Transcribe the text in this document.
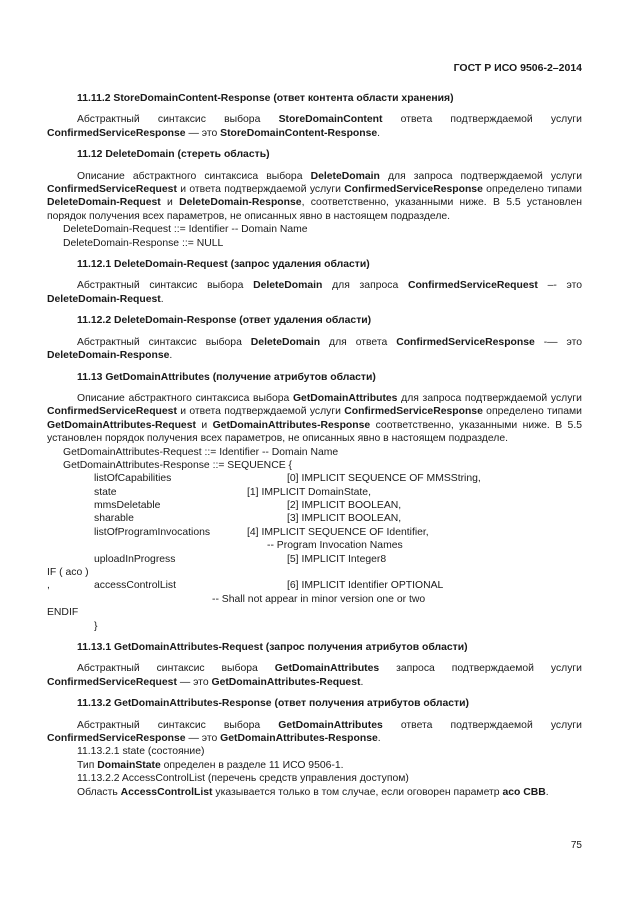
ГОСТ Р ИСО 9506-2–2014

11.11.2 StoreDomainContent-Response (ответ контента области хранения)

Абстрактный синтаксис выбора StoreDomainContent ответа подтверждаемой услуги ConfirmedServiceResponse — это StoreDomainContent-Response.

11.12 DeleteDomain (стереть область)

Описание абстрактного синтаксиса выбора DeleteDomain для запроса подтверждаемой услуги ConfirmedServiceRequest и ответа подтверждаемой услуги ConfirmedServiceResponse определено типами DeleteDomain-Request и DeleteDomain-Response, соответственно, указанными ниже. В 5.5 установлен порядок получения всех параметров, не описанных явно в настоящем подразделе.

DeleteDomain-Request ::= Identifier -- Domain Name

DeleteDomain-Response ::= NULL

11.12.1 DeleteDomain-Request (запрос удаления области)

Абстрактный синтаксис выбора DeleteDomain для запроса ConfirmedServiceRequest –- это DeleteDomain-Request.

11.12.2 DeleteDomain-Response (ответ удаления области)

Абстрактный синтаксис выбора DeleteDomain для ответа ConfirmedServiceResponse -— это DeleteDomain-Response.

11.13 GetDomainAttributes (получение атрибутов области)

Описание абстрактного синтаксиса выбора GetDomainAttributes для запроса подтверждаемой услуги ConfirmedServiceRequest и ответа подтверждаемой услуги ConfirmedServiceResponse определено типами GetDomainAttributes-Request и GetDomainAttributes-Response соответственно, указанными ниже. В 5.5 установлен порядок получения всех параметров, не описанных явно в настоящем подразделе.

GetDomainAttributes-Request ::= Identifier -- Domain Name
GetDomainAttributes-Response ::= SEQUENCE {
listOfCapabilities	[0] IMPLICIT SEQUENCE OF MMSString,
state	[1] IMPLICIT DomainState,
mmsDeletable	[2] IMPLICIT BOOLEAN,
sharable	[3] IMPLICIT BOOLEAN,
listOfProgramInvocations	[4] IMPLICIT SEQUENCE OF Identifier,
-- Program Invocation Names
uploadInProgress	[5] IMPLICIT Integer8
IF ( aco )
,	accessControlList	[6] IMPLICIT Identifier OPTIONAL
-- Shall not appear in minor version one or two
ENDIF
}

11.13.1 GetDomainAttributes-Request (запрос получения атрибутов области)

Абстрактный синтаксис выбора GetDomainAttributes запроса подтверждаемой услуги ConfirmedServiceRequest — это GetDomainAttributes-Request.

11.13.2 GetDomainAttributes-Response (ответ получения атрибутов области)

Абстрактный синтаксис выбора GetDomainAttributes ответа подтверждаемой услуги ConfirmedServiceResponse — это GetDomainAttributes-Response.

11.13.2.1 state (состояние)

Тип DomainState определен в разделе 11 ИСО 9506-1.

11.13.2.2 AccessControlList (перечень средств управления доступом)

Область AccessControlList указывается только в том случае, если оговорен параметр aco CBB.

75
